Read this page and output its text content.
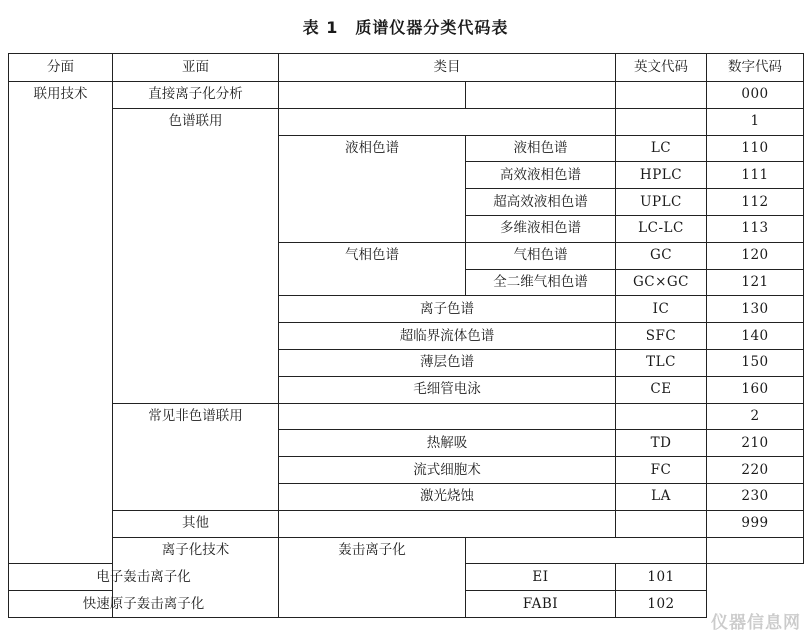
表 1　质谱仪器分类代码表
分面	亚面	类目		英文代码	数字代码	
联用技术	直接离子化分析				000	
	色谱联用				1	
		液相色谱	液相色谱	LC	110	
			高效液相色谱	HPLC	111	
			超高效液相色谱	UPLC	112	
			多维液相色谱	LC-LC	113	
		气相色谱	气相色谱	GC	120	
			全二维气相色谱	GC×GC	121	
		离子色谱		IC	130	
		超临界流体色谱		SFC	140	
		薄层色谱		TLC	150	
		毛细管电泳		CE	160	
	常见非色谱联用				2	
		热解吸		TD	210	
		流式细胞术		FC	220	
		激光烧蚀		LA	230	
	其他				999	
	离子化技术	轰击离子化			
电子轰击离子化			EI	101		
快速原子轰击离子化			FABI	102		
仪器信息网
